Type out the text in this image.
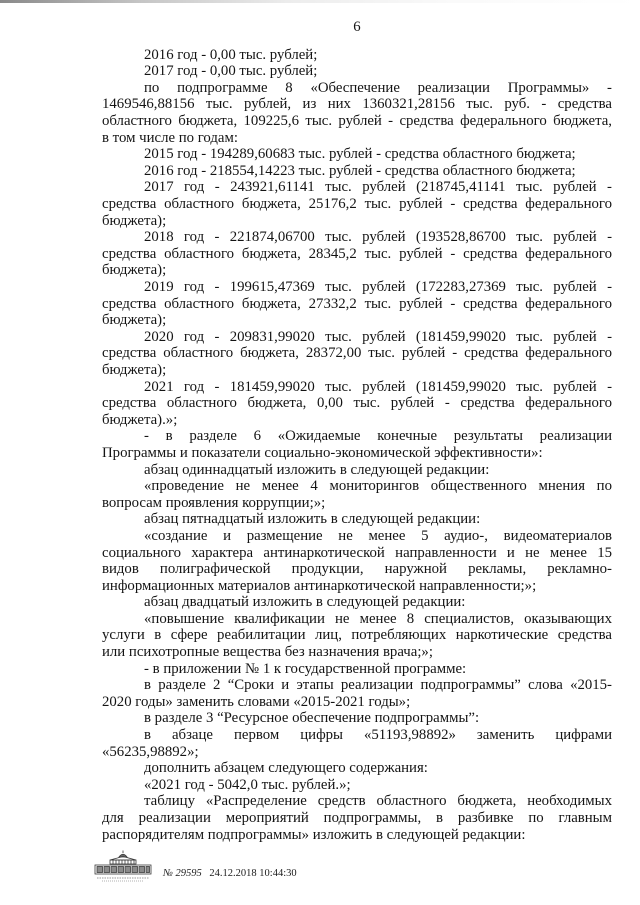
6
2016 год - 0,00 тыс. рублей;
2017 год - 0,00 тыс. рублей;
по подпрограмме 8 «Обеспечение реализации Программы» -
1469546,88156 тыс. рублей, из них 1360321,28156 тыс. руб. - средства
областного бюджета, 109225,6 тыс. рублей - средства федерального бюджета,
в том числе по годам:
2015 год - 194289,60683 тыс. рублей - средства областного бюджета;
2016 год - 218554,14223 тыс. рублей - средства областного бюджета;
2017 год - 243921,61141 тыс. рублей (218745,41141 тыс. рублей -
средства областного бюджета, 25176,2 тыс. рублей - средства федерального
бюджета);
2018 год - 221874,06700 тыс. рублей (193528,86700 тыс. рублей -
средства областного бюджета, 28345,2 тыс. рублей - средства федерального
бюджета);
2019 год - 199615,47369 тыс. рублей (172283,27369 тыс. рублей -
средства областного бюджета, 27332,2 тыс. рублей - средства федерального
бюджета);
2020 год - 209831,99020 тыс. рублей (181459,99020 тыс. рублей -
средства областного бюджета, 28372,00 тыс. рублей - средства федерального
бюджета);
2021 год - 181459,99020 тыс. рублей (181459,99020 тыс. рублей -
средства областного бюджета, 0,00 тыс. рублей - средства федерального
бюджета).»;
- в разделе 6 «Ожидаемые конечные результаты реализации
Программы и показатели социально-экономической эффективности»:
абзац одиннадцатый изложить в следующей редакции:
«проведение не менее 4 мониторингов общественного мнения по
вопросам проявления коррупции;»;
абзац пятнадцатый изложить в следующей редакции:
«создание и размещение не менее 5 аудио-, видеоматериалов
социального характера антинаркотической направленности и не менее 15
видов полиграфической продукции, наружной рекламы, рекламно-
информационных материалов антинаркотической направленности;»;
абзац двадцатый изложить в следующей редакции:
«повышение квалификации не менее 8 специалистов, оказывающих
услуги в сфере реабилитации лиц, потребляющих наркотические средства
или психотропные вещества без назначения врача;»;
- в приложении № 1 к государственной программе:
в разделе 2 “Сроки и этапы реализации подпрограммы” слова «2015-
2020 годы» заменить словами «2015-2021 годы»;
в разделе 3 “Ресурсное обеспечение подпрограммы”:
в абзаце первом цифры «51193,98892» заменить цифрами
«56235,98892»;
дополнить абзацем следующего содержания:
«2021 год - 5042,0 тыс. рублей.»;
таблицу «Распределение средств областного бюджета, необходимых
для реализации мероприятий подпрограммы, в разбивке по главным
распорядителям подпрограммы» изложить в следующей редакции:
№ 29595 24.12.2018 10:44:30
